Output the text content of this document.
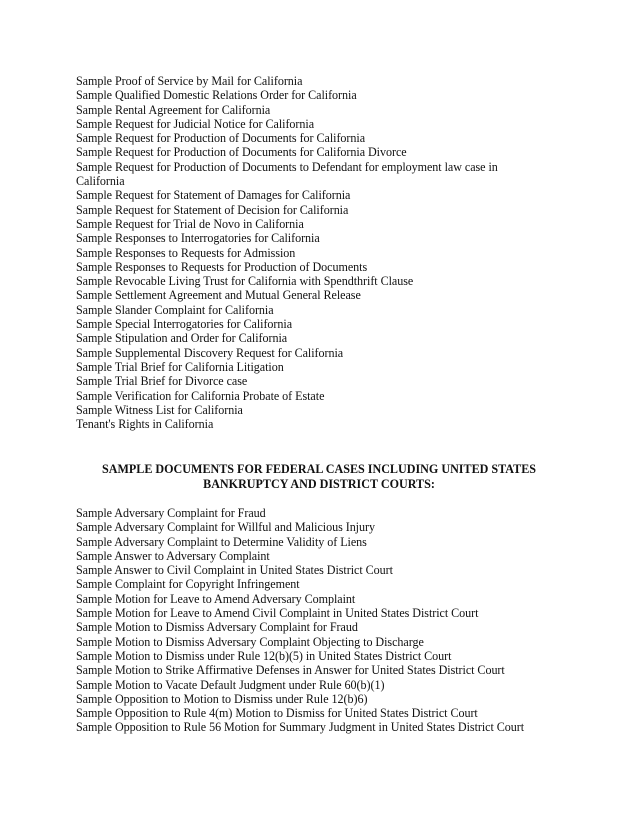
Sample Proof of Service by Mail for California
Sample Qualified Domestic Relations Order for California
Sample Rental Agreement for California
Sample Request for Judicial Notice for California
Sample Request for Production of Documents for California
Sample Request for Production of Documents for California Divorce
Sample Request for Production of Documents to Defendant for employment law case in California
Sample Request for Statement of Damages for California
Sample Request for Statement of Decision for California
Sample Request for Trial de Novo in California
Sample Responses to Interrogatories for California
Sample Responses to Requests for Admission
Sample Responses to Requests for Production of Documents
Sample Revocable Living Trust for California with Spendthrift Clause
Sample Settlement Agreement and Mutual General Release
Sample Slander Complaint for California
Sample Special Interrogatories for California
Sample Stipulation and Order for California
Sample Supplemental Discovery Request for California
Sample Trial Brief for California Litigation
Sample Trial Brief for Divorce case
Sample Verification for California Probate of Estate
Sample Witness List for California
Tenant's Rights in California
SAMPLE DOCUMENTS FOR FEDERAL CASES INCLUDING UNITED STATES
BANKRUPTCY AND DISTRICT COURTS:
Sample Adversary Complaint for Fraud
Sample Adversary Complaint for Willful and Malicious Injury
Sample Adversary Complaint to Determine Validity of Liens
Sample Answer to Adversary Complaint
Sample Answer to Civil Complaint in United States District Court
Sample Complaint for Copyright Infringement
Sample Motion for Leave to Amend Adversary Complaint
Sample Motion for Leave to Amend Civil Complaint in United States District Court
Sample Motion to Dismiss Adversary Complaint for Fraud
Sample Motion to Dismiss Adversary Complaint Objecting to Discharge
Sample Motion to Dismiss under Rule 12(b)(5) in United States District Court
Sample Motion to Strike Affirmative Defenses in Answer for United States District Court
Sample Motion to Vacate Default Judgment under Rule 60(b)(1)
Sample Opposition to Motion to Dismiss under Rule 12(b)6)
Sample Opposition to Rule 4(m) Motion to Dismiss for United States District Court
Sample Opposition to Rule 56 Motion for Summary Judgment in United States District Court
